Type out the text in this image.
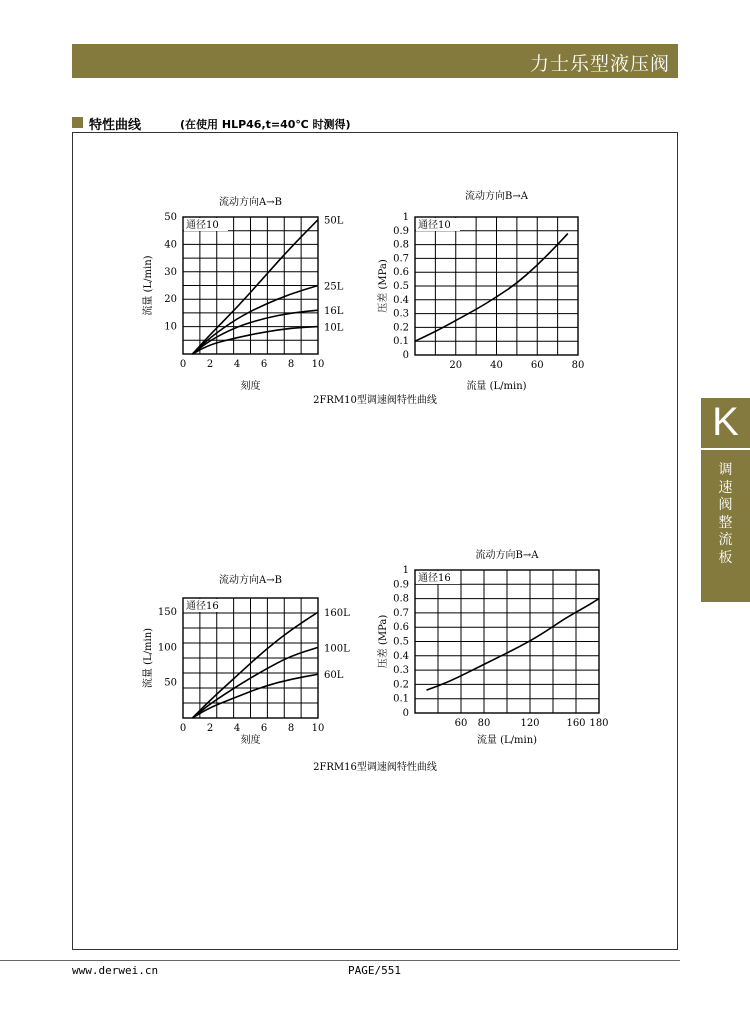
力士乐型液压阀
特性曲线	(在使用 HLP46,t=40℃ 时测得)
通径10
流动方向A→B
0 2 4 6 8 10
10
20
30
40
50
刻度
流量 (L/min)
50L
25L
16L
10L
2FRM10型调速阀特性曲线
通径10
流动方向B→A
20	40	60	80
0
0.1
0.2
0.3
0.4
0.5
0.6
0.7
0.8
0.9
1
流量 (L/min)
压差 (MPa)
通径16
流动方向A→B
0 2 4 6 8 10
50
100
150
刻度
流量 (L/min)
160L
100L
60L
2FRM16型调速阀特性曲线
通径16
流动方向B→A
60 80	120	160 180
0
0.1
0.2
0.3
0.4
0.5
0.6
0.7
0.8
0.9
1
流量 (L/min)
压差 (MPa)
K
调
速
阀
整
流
板
www.derwei.cn	PAGE/551
